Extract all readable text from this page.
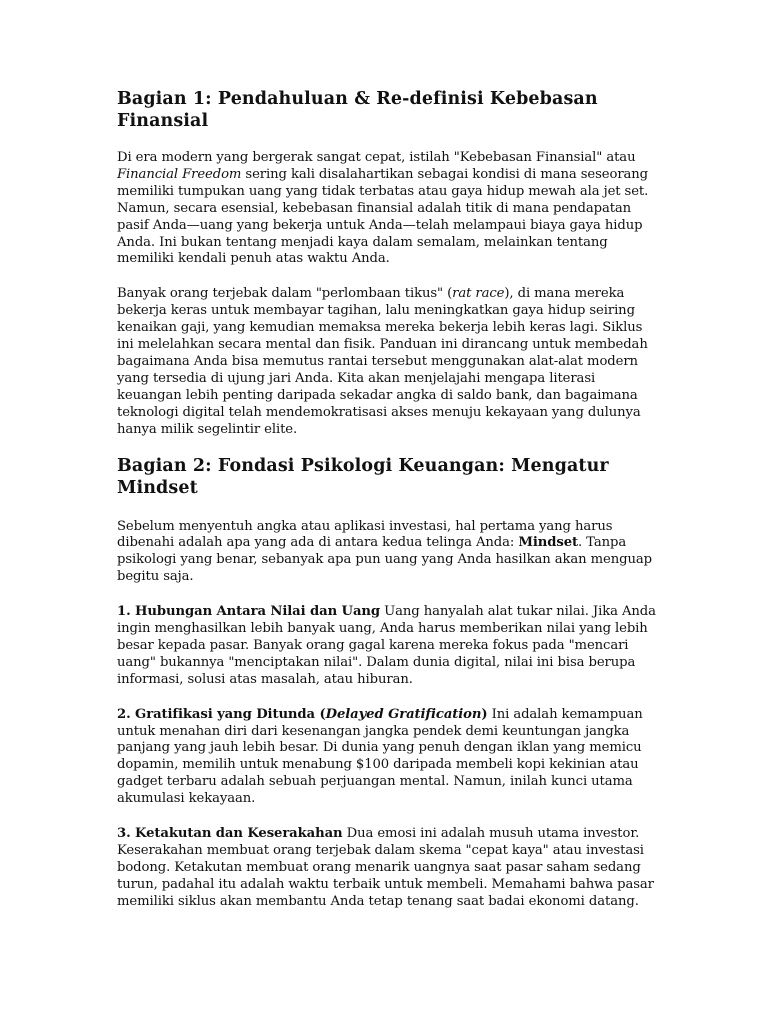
Bagian 1: Pendahuluan & Re-definisi Kebebasan Finansial

Di era modern yang bergerak sangat cepat, istilah "Kebebasan Finansial" atau Financial Freedom sering kali disalahartikan sebagai kondisi di mana seseorang memiliki tumpukan uang yang tidak terbatas atau gaya hidup mewah ala jet set. Namun, secara esensial, kebebasan finansial adalah titik di mana pendapatan pasif Anda—uang yang bekerja untuk Anda—telah melampaui biaya gaya hidup Anda. Ini bukan tentang menjadi kaya dalam semalam, melainkan tentang memiliki kendali penuh atas waktu Anda.

Banyak orang terjebak dalam "perlombaan tikus" (rat race), di mana mereka bekerja keras untuk membayar tagihan, lalu meningkatkan gaya hidup seiring kenaikan gaji, yang kemudian memaksa mereka bekerja lebih keras lagi. Siklus ini melelahkan secara mental dan fisik. Panduan ini dirancang untuk membedah bagaimana Anda bisa memutus rantai tersebut menggunakan alat-alat modern yang tersedia di ujung jari Anda. Kita akan menjelajahi mengapa literasi keuangan lebih penting daripada sekadar angka di saldo bank, dan bagaimana teknologi digital telah mendemokratisasi akses menuju kekayaan yang dulunya hanya milik segelintir elite.

Bagian 2: Fondasi Psikologi Keuangan: Mengatur Mindset

Sebelum menyentuh angka atau aplikasi investasi, hal pertama yang harus dibenahi adalah apa yang ada di antara kedua telinga Anda: Mindset. Tanpa psikologi yang benar, sebanyak apa pun uang yang Anda hasilkan akan menguap begitu saja.

1. Hubungan Antara Nilai dan Uang Uang hanyalah alat tukar nilai. Jika Anda ingin menghasilkan lebih banyak uang, Anda harus memberikan nilai yang lebih besar kepada pasar. Banyak orang gagal karena mereka fokus pada "mencari uang" bukannya "menciptakan nilai". Dalam dunia digital, nilai ini bisa berupa informasi, solusi atas masalah, atau hiburan.

2. Gratifikasi yang Ditunda (Delayed Gratification) Ini adalah kemampuan untuk menahan diri dari kesenangan jangka pendek demi keuntungan jangka panjang yang jauh lebih besar. Di dunia yang penuh dengan iklan yang memicu dopamin, memilih untuk menabung $100 daripada membeli kopi kekinian atau gadget terbaru adalah sebuah perjuangan mental. Namun, inilah kunci utama akumulasi kekayaan.

3. Ketakutan dan Keserakahan Dua emosi ini adalah musuh utama investor. Keserakahan membuat orang terjebak dalam skema "cepat kaya" atau investasi bodong. Ketakutan membuat orang menarik uangnya saat pasar saham sedang turun, padahal itu adalah waktu terbaik untuk membeli. Memahami bahwa pasar memiliki siklus akan membantu Anda tetap tenang saat badai ekonomi datang.
